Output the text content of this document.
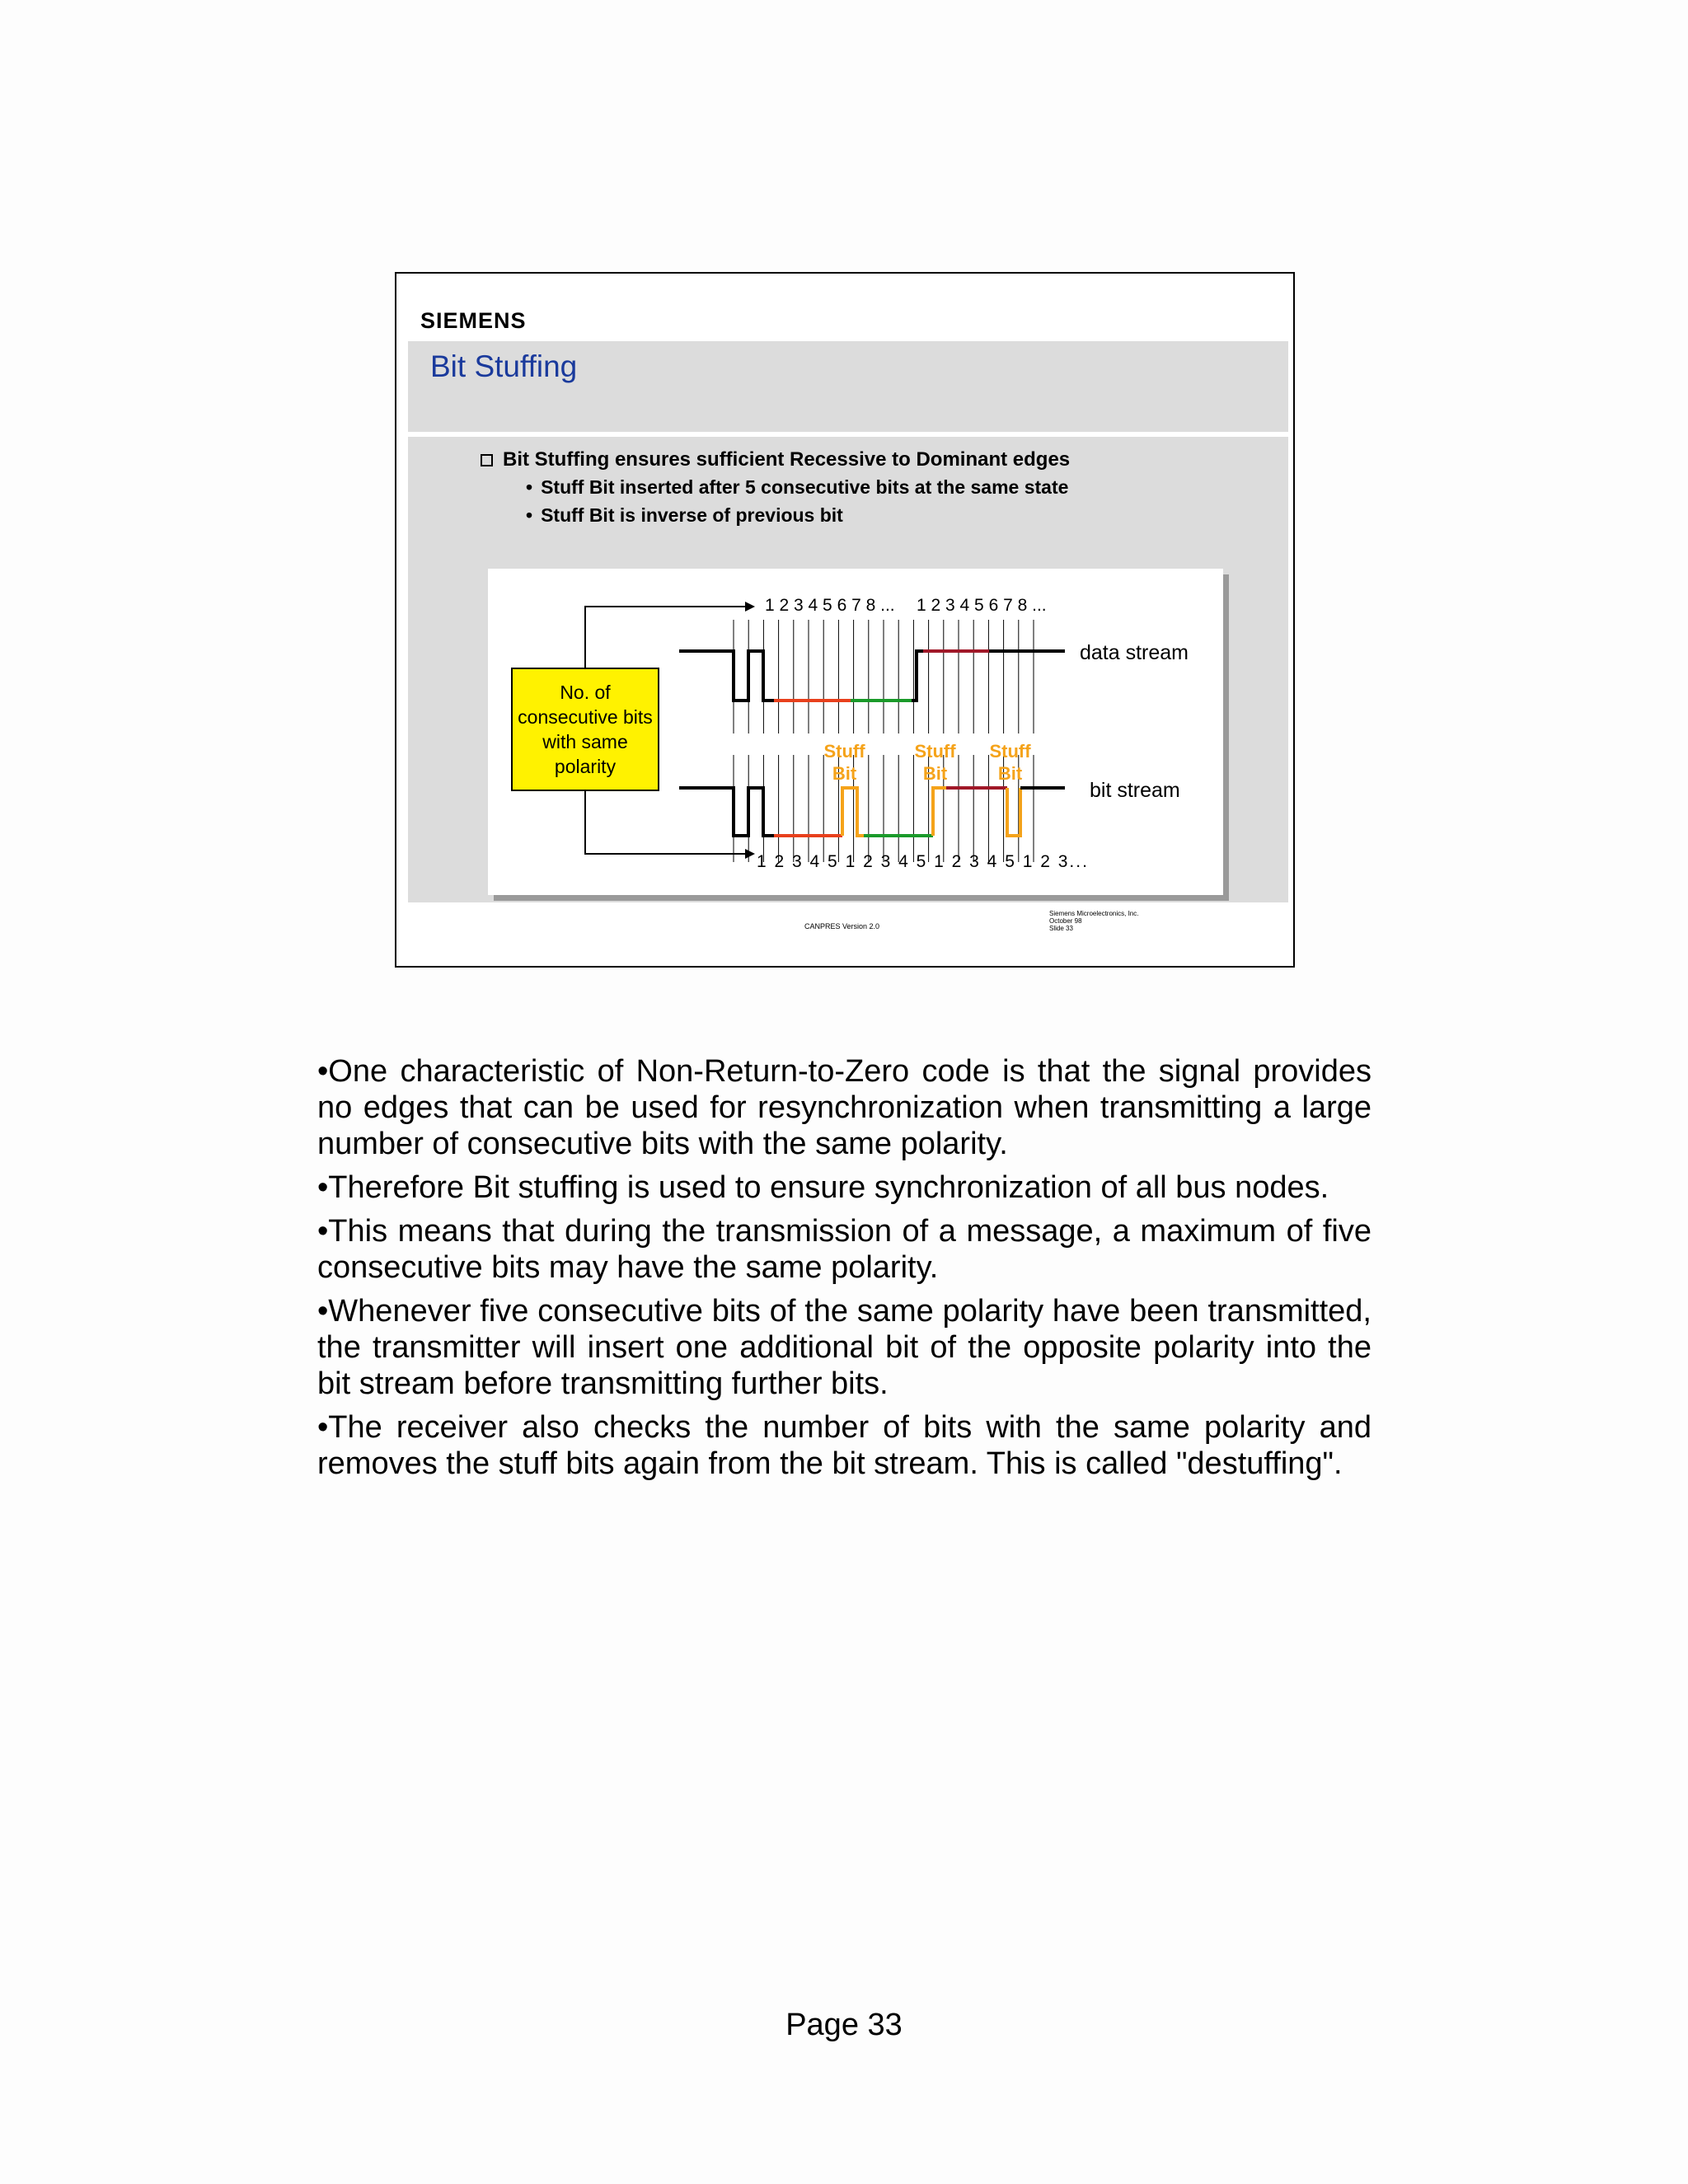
SIEMENS
Bit Stuffing
Bit Stuffing ensures sufficient Recessive to Dominant edges
• Stuff Bit inserted after 5 consecutive bits at the same state
• Stuff Bit is inverse of previous bit
No. of consecutive bits with same polarity
1 2 3 4 5 6 7 8 ... 1 2 3 4 5 6 7 8 ...
data stream
bit stream
Stuff Bit
Stuff Bit
Stuff Bit
1 2 3 4 5 1 2 3 4 5 1 2 3 4 5 1 2 3...
CANPRES Version 2.0
Siemens Microelectronics, Inc.
October 98
Slide 33

•One characteristic of Non-Return-to-Zero code is that the signal provides no edges that can be used for resynchronization when transmitting a large number of consecutive bits with the same polarity.

•Therefore Bit stuffing is used to ensure synchronization of all bus nodes.

•This means that during the transmission of a message, a maximum of five consecutive bits may have the same polarity.

•Whenever five consecutive bits of the same polarity have been transmitted, the transmitter will insert one additional bit of the opposite polarity into the bit stream before transmitting further bits.

•The receiver also checks the number of bits with the same polarity and removes the stuff bits again from the bit stream. This is called "destuffing".

Page 33
